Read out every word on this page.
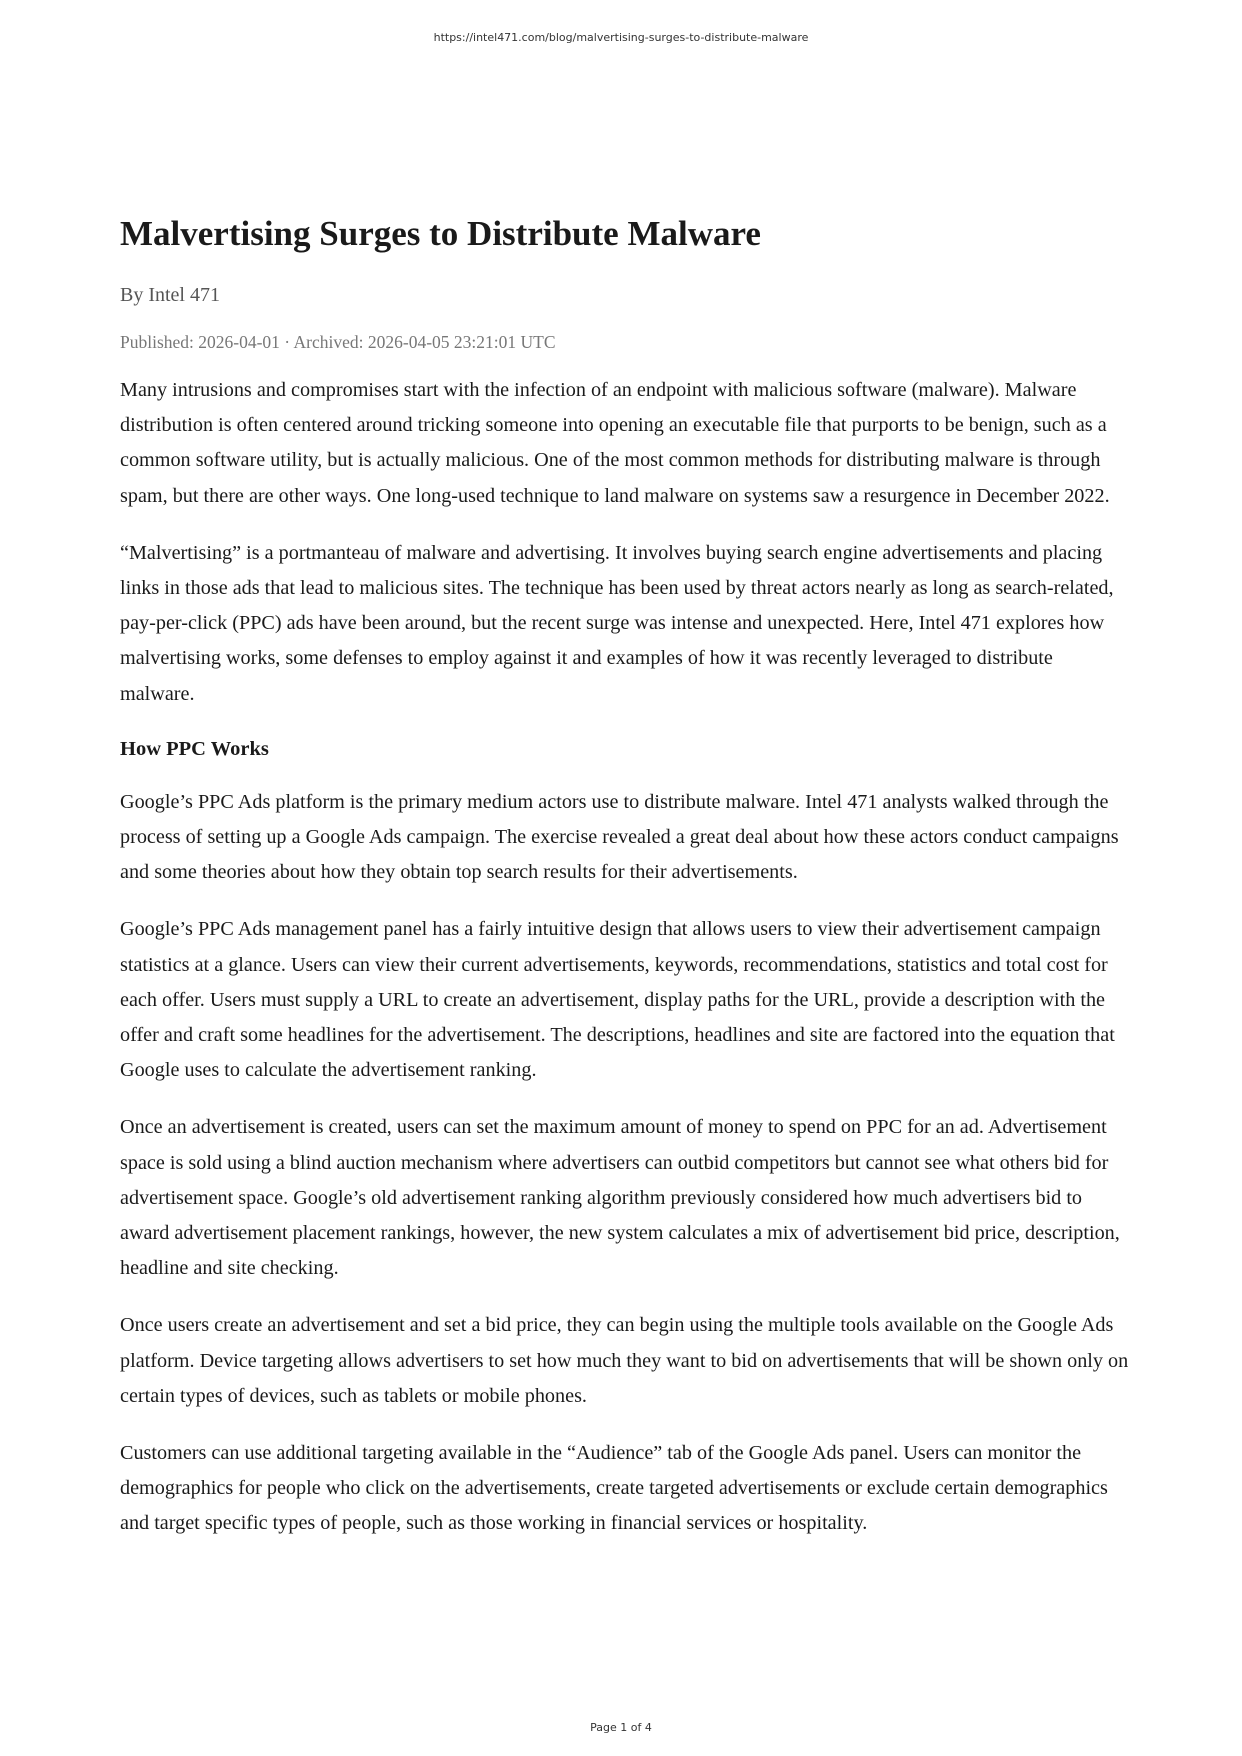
https://intel471.com/blog/malvertising-surges-to-distribute-malware
Malvertising Surges to Distribute Malware
By Intel 471
Published: 2026-04-01 · Archived: 2026-04-05 23:21:01 UTC

Many intrusions and compromises start with the infection of an endpoint with malicious software (malware). Malware distribution is often centered around tricking someone into opening an executable file that purports to be benign, such as a common software utility, but is actually malicious. One of the most common methods for distributing malware is through spam, but there are other ways. One long-used technique to land malware on systems saw a resurgence in December 2022.

“Malvertising” is a portmanteau of malware and advertising. It involves buying search engine advertisements and placing links in those ads that lead to malicious sites. The technique has been used by threat actors nearly as long as search-related, pay-per-click (PPC) ads have been around, but the recent surge was intense and unexpected. Here, Intel 471 explores how malvertising works, some defenses to employ against it and examples of how it was recently leveraged to distribute malware.

How PPC Works

Google’s PPC Ads platform is the primary medium actors use to distribute malware. Intel 471 analysts walked through the process of setting up a Google Ads campaign. The exercise revealed a great deal about how these actors conduct campaigns and some theories about how they obtain top search results for their advertisements.

Google’s PPC Ads management panel has a fairly intuitive design that allows users to view their advertisement campaign statistics at a glance. Users can view their current advertisements, keywords, recommendations, statistics and total cost for each offer. Users must supply a URL to create an advertisement, display paths for the URL, provide a description with the offer and craft some headlines for the advertisement. The descriptions, headlines and site are factored into the equation that Google uses to calculate the advertisement ranking.

Once an advertisement is created, users can set the maximum amount of money to spend on PPC for an ad. Advertisement space is sold using a blind auction mechanism where advertisers can outbid competitors but cannot see what others bid for advertisement space. Google’s old advertisement ranking algorithm previously considered how much advertisers bid to award advertisement placement rankings, however, the new system calculates a mix of advertisement bid price, description, headline and site checking.

Once users create an advertisement and set a bid price, they can begin using the multiple tools available on the Google Ads platform. Device targeting allows advertisers to set how much they want to bid on advertisements that will be shown only on certain types of devices, such as tablets or mobile phones.

Customers can use additional targeting available in the “Audience” tab of the Google Ads panel. Users can monitor the demographics for people who click on the advertisements, create targeted advertisements or exclude certain demographics and target specific types of people, such as those working in financial services or hospitality.

Page 1 of 4
